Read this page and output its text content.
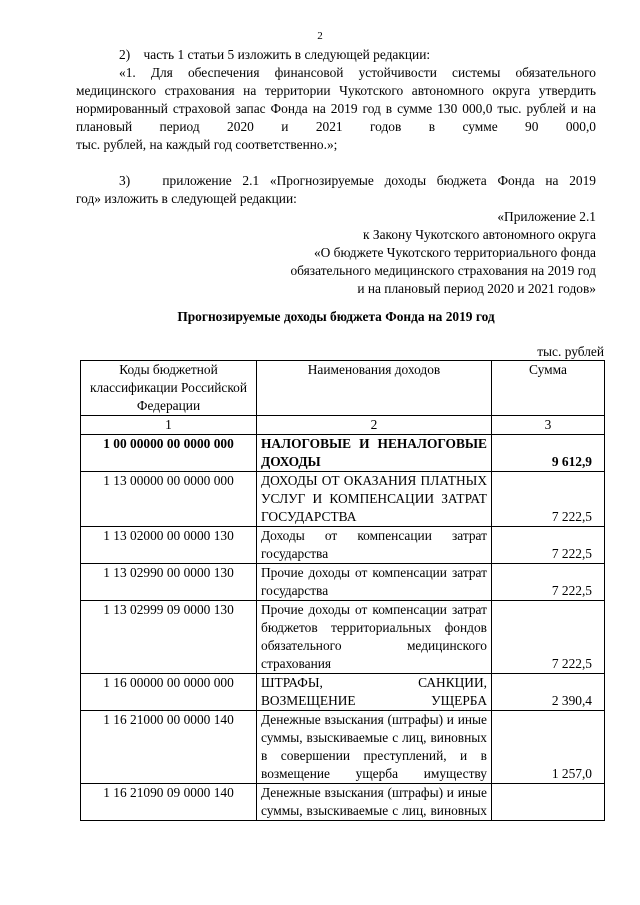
2
2)    часть 1 статьи 5 изложить в следующей редакции:
«1. Для обеспечения финансовой устойчивости системы обязательного медицинского страхования на территории Чукотского автономного округа утвердить нормированный страховой запас Фонда на 2019 год в сумме 130 000,0 тыс. рублей и на плановый период 2020 и 2021 годов в сумме 90 000,0
тыс. рублей, на каждый год соответственно.»;
3)   приложение 2.1 «Прогнозируемые доходы бюджета Фонда на 2019
год» изложить в следующей редакции:
«Приложение 2.1
к Закону Чукотского автономного округа
«О бюджете Чукотского территориального фонда
обязательного медицинского страхования на 2019 год
и на плановый период 2020 и 2021 годов»
Прогнозируемые доходы бюджета Фонда на 2019 год
тыс. рублей
Коды бюджетной классификации Российской Федерации	Наименования доходов	Сумма
1	2	3
1 00 00000 00 0000 000	НАЛОГОВЫЕ И НЕНАЛОГОВЫЕ ДОХОДЫ	9 612,9
1 13 00000 00 0000 000	ДОХОДЫ ОТ ОКАЗАНИЯ ПЛАТНЫХ УСЛУГ И КОМПЕНСАЦИИ ЗАТРАТ ГОСУДАРСТВА	7 222,5
1 13 02000 00 0000 130	Доходы от компенсации затрат государства	7 222,5
1 13 02990 00 0000 130	Прочие доходы от компенсации затрат государства	7 222,5
1 13 02999 09 0000 130	Прочие доходы от компенсации затрат бюджетов территориальных фондов обязательного медицинского страхования	7 222,5
1 16 00000 00 0000 000	ШТРАФЫ, САНКЦИИ, ВОЗМЕЩЕНИЕ УЩЕРБА	2 390,4
1 16 21000 00 0000 140	Денежные взыскания (штрафы) и иные суммы, взыскиваемые с лиц, виновных в совершении преступлений, и в возмещение ущерба имуществу	1 257,0
1 16 21090 09 0000 140	Денежные взыскания (штрафы) и иные суммы, взыскиваемые с лиц, виновных	
